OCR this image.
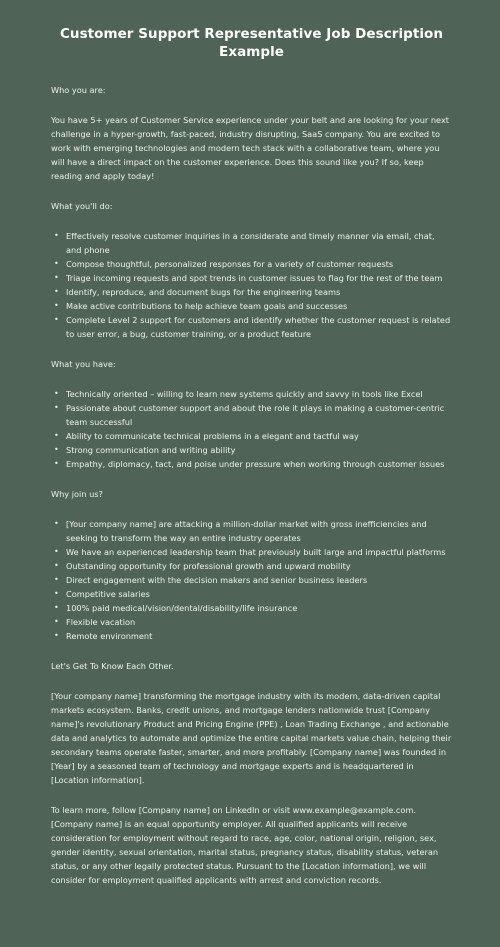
Customer Support Representative Job Description Example
Who you are:
You have 5+ years of Customer Service experience under your belt and are looking for your next challenge in a hyper-growth, fast-paced, industry disrupting, SaaS company. You are excited to work with emerging technologies and modern tech stack with a collaborative team, where you will have a direct impact on the customer experience. Does this sound like you? If so, keep reading and apply today!
What you'll do:
• Effectively resolve customer inquiries in a considerate and timely manner via email, chat, and phone
• Compose thoughtful, personalized responses for a variety of customer requests
• Triage incoming requests and spot trends in customer issues to flag for the rest of the team
• Identify, reproduce, and document bugs for the engineering teams
• Make active contributions to help achieve team goals and successes
• Complete Level 2 support for customers and identify whether the customer request is related to user error, a bug, customer training, or a product feature
What you have:
• Technically oriented – willing to learn new systems quickly and savvy in tools like Excel
• Passionate about customer support and about the role it plays in making a customer-centric team successful
• Ability to communicate technical problems in a elegant and tactful way
• Strong communication and writing ability
• Empathy, diplomacy, tact, and poise under pressure when working through customer issues
Why join us?
• [Your company name] are attacking a million-dollar market with gross inefficiencies and seeking to transform the way an entire industry operates
• We have an experienced leadership team that previously built large and impactful platforms
• Outstanding opportunity for professional growth and upward mobility
• Direct engagement with the decision makers and senior business leaders
• Competitive salaries
• 100% paid medical/vision/dental/disability/life insurance
• Flexible vacation
• Remote environment
Let's Get To Know Each Other.
[Your company name] transforming the mortgage industry with its modern, data-driven capital markets ecosystem. Banks, credit unions, and mortgage lenders nationwide trust [Company name]'s revolutionary Product and Pricing Engine (PPE) , Loan Trading Exchange , and actionable data and analytics to automate and optimize the entire capital markets value chain, helping their secondary teams operate faster, smarter, and more profitably. [Company name] was founded in [Year] by a seasoned team of technology and mortgage experts and is headquartered in [Location information].
To learn more, follow [Company name] on LinkedIn or visit www.example@example.com. [Company name] is an equal opportunity employer. All qualified applicants will receive consideration for employment without regard to race, age, color, national origin, religion, sex, gender identity, sexual orientation, marital status, pregnancy status, disability status, veteran status, or any other legally protected status. Pursuant to the [Location information], we will consider for employment qualified applicants with arrest and conviction records.
